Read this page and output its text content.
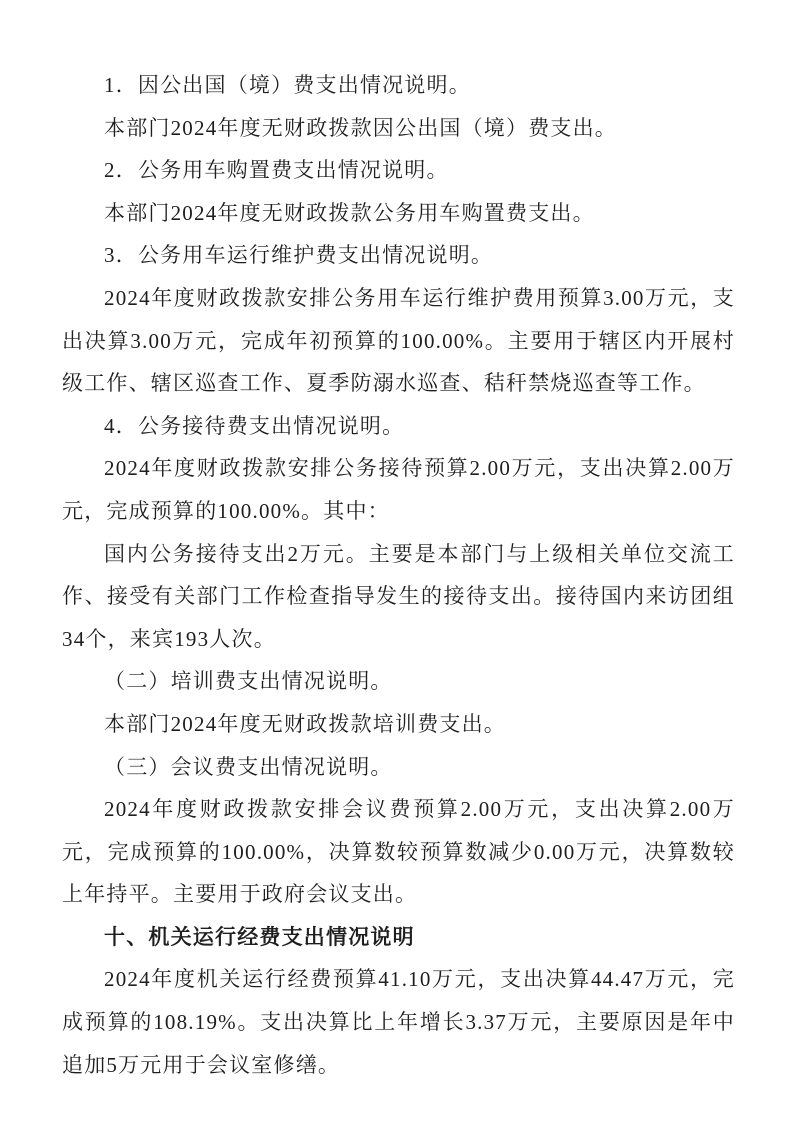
1．因公出国（境）费支出情况说明。

本部门2024年度无财政拨款因公出国（境）费支出。

2．公务用车购置费支出情况说明。

本部门2024年度无财政拨款公务用车购置费支出。

3．公务用车运行维护费支出情况说明。

2024年度财政拨款安排公务用车运行维护费用预算3.00万元，支出决算3.00万元，完成年初预算的100.00%。主要用于辖区内开展村级工作、辖区巡查工作、夏季防溺水巡查、秸秆禁烧巡查等工作。

4．公务接待费支出情况说明。

2024年度财政拨款安排公务接待预算2.00万元，支出决算2.00万元，完成预算的100.00%。其中：

国内公务接待支出2万元。主要是本部门与上级相关单位交流工作、接受有关部门工作检查指导发生的接待支出。接待国内来访团组34个，来宾193人次。

（二）培训费支出情况说明。

本部门2024年度无财政拨款培训费支出。

（三）会议费支出情况说明。

2024年度财政拨款安排会议费预算2.00万元，支出决算2.00万元，完成预算的100.00%，决算数较预算数减少0.00万元，决算数较上年持平。主要用于政府会议支出。

十、机关运行经费支出情况说明

2024年度机关运行经费预算41.10万元，支出决算44.47万元，完成预算的108.19%。支出决算比上年增长3.37万元，主要原因是年中追加5万元用于会议室修缮。
